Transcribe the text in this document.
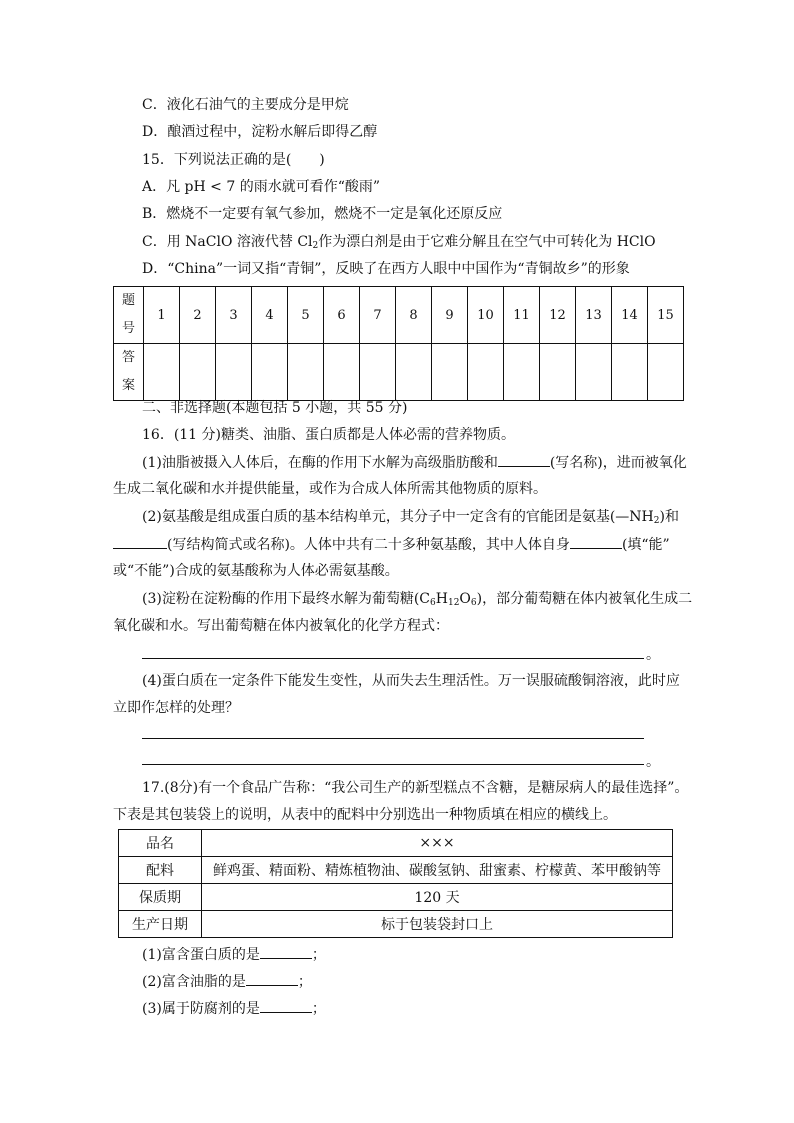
C．液化石油气的主要成分是甲烷
D．酿酒过程中，淀粉水解后即得乙醇
15．下列说法正确的是(　　)
A．凡 pH < 7 的雨水就可看作“酸雨”
B．燃烧不一定要有氧气参加，燃烧不一定是氧化还原反应
C．用 NaClO 溶液代替 $Cl_2$作为漂白剂是由于它难分解且在空气中可转化为 HClO
D．“China”一词又指“青铜”，反映了在西方人眼中中国作为“青铜故乡”的形象
题
号	1	2	3	4	5	6	7	8	9	10	11	12	13	14	15
答
案															
二、非选择题(本题包括 5 小题，共 55 分)
16．(11 分)糖类、油脂、蛋白质都是人体必需的营养物质。
(1)油脂被摄入人体后，在酶的作用下水解为高级脂肪酸和	(写名称)，进而被氧化
生成二氧化碳和水并提供能量，或作为合成人体所需其他物质的原料。
(2)氨基酸是组成蛋白质的基本结构单元，其分子中一定含有的官能团是氨基$(—NH_2)$和
(写结构简式或名称)。人体中共有二十多种氨基酸，其中人体自身	(填“能”
或“不能”)合成的氨基酸称为人体必需氨基酸。
(3)淀粉在淀粉酶的作用下最终水解为葡萄糖$(C_6H_{12}O_6)$，部分葡萄糖在体内被氧化生成二
氧化碳和水。写出葡萄糖在体内被氧化的化学方程式：
。
(4)蛋白质在一定条件下能发生变性，从而失去生理活性。万一误服硫酸铜溶液，此时应
立即作怎样的处理？
。
17.(8分)有一个食品广告称：“我公司生产的新型糕点不含糖，是糖尿病人的最佳选择”。
下表是其包装袋上的说明，从表中的配料中分别选出一种物质填在相应的横线上。
品名	×××
配料	鲜鸡蛋、精面粉、精炼植物油、碳酸氢钠、甜蜜素、柠檬黄、苯甲酸钠等
保质期	120 天
生产日期	标于包装袋封口上
(1)富含蛋白质的是	；
(2)富含油脂的是	；
(3)属于防腐剂的是	；
